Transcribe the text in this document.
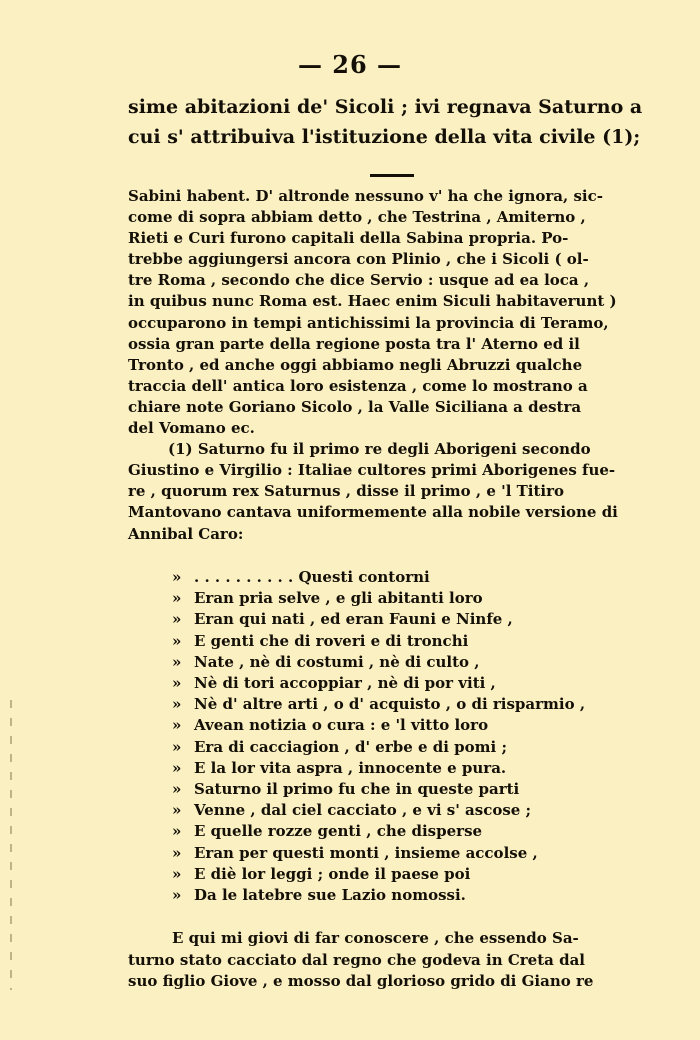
— 26 —

sime abitazioni de' Sicoli ; ivi regnava Saturno a
cui s' attribuiva l'istituzione della vita civile (1);

Sabini habent. D' altronde nessuno v' ha che ignora, sic-
come di sopra abbiam detto , che Testrina , Amiterno ,
Rieti e Curi furono capitali della Sabina propria. Po-
trebbe aggiungersi ancora con Plinio , che i Sicoli ( ol-
tre Roma , secondo che dice Servio : usque ad ea loca ,
in quibus nunc Roma est. Haec enim Siculi habitaverunt )
occuparono in tempi antichissimi la provincia di Teramo,
ossia gran parte della regione posta tra l' Aterno ed il
Tronto , ed anche oggi abbiamo negli Abruzzi qualche
traccia dell' antica loro esistenza , come lo mostrano a
chiare note Goriano Sicolo , la Valle Siciliana a destra
del Vomano ec.
(1) Saturno fu il primo re degli Aborigeni secondo
Giustino e Virgilio : Italiae cultores primi Aborigenes fue-
re , quorum rex Saturnus , disse il primo , e 'l Titiro
Mantovano cantava uniformemente alla nobile versione di
Annibal Caro:
» . . . . . . . . . . Questi contorni
» Eran pria selve , e gli abitanti loro
» Eran qui nati , ed eran Fauni e Ninfe ,
» E genti che di roveri e di tronchi
» Nate , nè di costumi , nè di culto ,
» Nè di tori accoppiar , nè di por viti ,
» Nè d' altre arti , o d' acquisto , o di risparmio ,
» Avean notizia o cura : e 'l vitto loro
» Era di cacciagion , d' erbe e di pomi ;
» E la lor vita aspra , innocente e pura.
» Saturno il primo fu che in queste parti
» Venne , dal ciel cacciato , e vi s' ascose ;
» E quelle rozze genti , che disperse
» Eran per questi monti , insieme accolse ,
» E diè lor leggi ; onde il paese poi
» Da le latebre sue Lazio nomossi.
E qui mi giovi di far conoscere , che essendo Sa-
turno stato cacciato dal regno che godeva in Creta dal
suo figlio Giove , e mosso dal glorioso grido di Giano re
